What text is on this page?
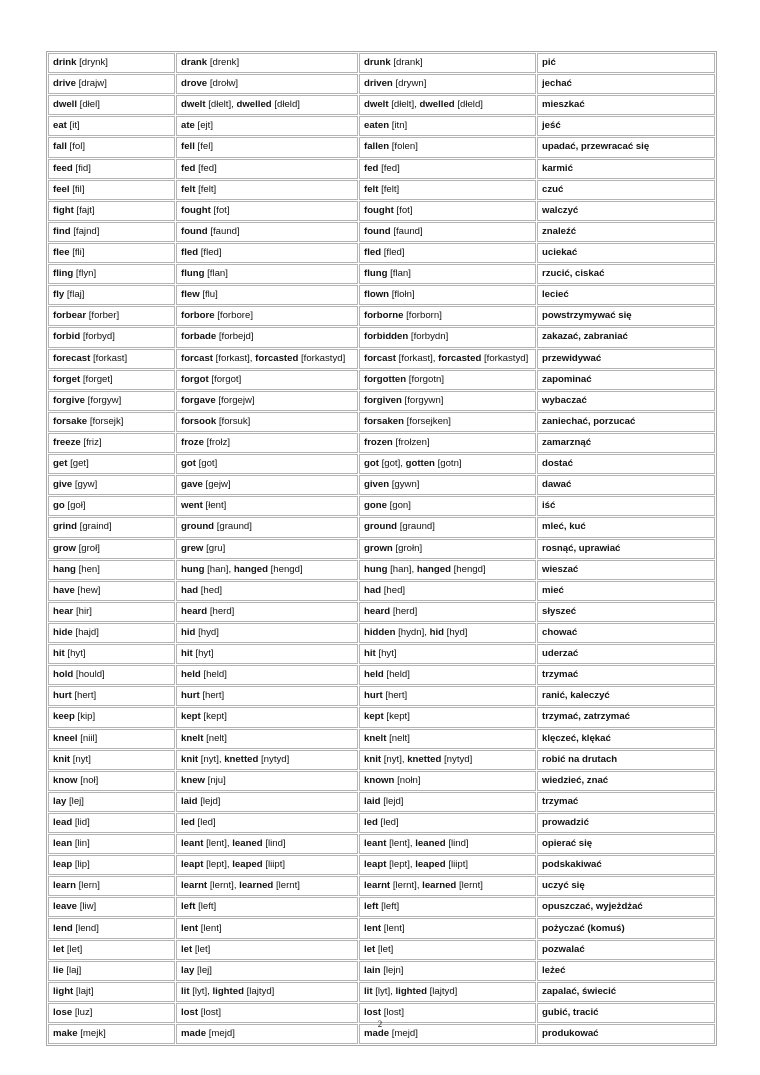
drink [drynk]	drank [drenk]	drunk [drank]	pić
drive [drajw]	drove [drołw]	driven [drywn]	jechać
dwell [dłel]	dwelt [dłelt], dwelled [dłeld]	dwelt [dłelt], dwelled [dłeld]	mieszkać
eat [it]	ate [ejt]	eaten [itn]	jeść
fall [fol]	fell [fel]	fallen [folen]	upadać, przewracać się
feed [fid]	fed [fed]	fed [fed]	karmić
feel [fil]	felt [felt]	felt [felt]	czuć
fight [fajt]	fought [fot]	fought [fot]	walczyć
find [fajnd]	found [faund]	found [faund]	znaleźć
flee [fli]	fled [fled]	fled [fled]	uciekać
fling [flyn]	flung [flan]	flung [flan]	rzucić, ciskać
fly [flaj]	flew [flu]	flown [flołn]	lecieć
forbear [forber]	forbore [forbore]	forborne [forborn]	powstrzymywać się
forbid [forbyd]	forbade [forbejd]	forbidden [forbydn]	zakazać, zabraniać
forecast [forkast]	forcast [forkast], forcasted [forkastyd]	forcast [forkast], forcasted [forkastyd]	przewidywać
forget [forget]	forgot [forgot]	forgotten [forgotn]	zapominać
forgive [forgyw]	forgave [forgejw]	forgiven [forgywn]	wybaczać
forsake [forsejk]	forsook [forsuk]	forsaken [forsejken]	zaniechać, porzucać
freeze [friz]	froze [frołz]	frozen [frołzen]	zamarznąć
get [get]	got [got]	got [got], gotten [gotn]	dostać
give [gyw]	gave [gejw]	given [gywn]	dawać
go [goł]	went [łent]	gone [gon]	iść
grind [graind]	ground [graund]	ground [graund]	mleć, kuć
grow [groł]	grew [gru]	grown [grołn]	rosnąć, uprawiać
hang [hen]	hung [han], hanged [hengd]	hung [han], hanged [hengd]	wieszać
have [hew]	had [hed]	had [hed]	mieć
hear [hir]	heard [herd]	heard [herd]	słyszeć
hide [hajd]	hid [hyd]	hidden [hydn], hid [hyd]	chować
hit [hyt]	hit [hyt]	hit [hyt]	uderzać
hold [hould]	held [held]	held [held]	trzymać
hurt [hert]	hurt [hert]	hurt [hert]	ranić, kaleczyć
keep [kip]	kept [kept]	kept [kept]	trzymać, zatrzymać
kneel [niil]	knelt [nelt]	knelt [nelt]	klęczeć, klękać
knit [nyt]	knit [nyt], knetted [nytyd]	knit [nyt], knetted [nytyd]	robić na drutach
know [noł]	knew [nju]	known [nołn]	wiedzieć, znać
lay [lej]	laid [lejd]	laid [lejd]	trzymać
lead [lid]	led [led]	led [led]	prowadzić
lean [lin]	leant [lent], leaned [lind]	leant [lent], leaned [lind]	opierać się
leap [lip]	leapt [lept], leaped [liipt]	leapt [lept], leaped [liipt]	podskakiwać
learn [lern]	learnt [lernt], learned [lernt]	learnt [lernt], learned [lernt]	uczyć się
leave [liw]	left [left]	left [left]	opuszczać, wyjeżdżać
lend [lend]	lent [lent]	lent [lent]	pożyczać (komuś)
let [let]	let [let]	let [let]	pozwalać
lie [laj]	lay [lej]	lain [lejn]	leżeć
light [lajt]	lit [lyt], lighted [lajtyd]	lit [lyt], lighted [lajtyd]	zapalać, świecić
lose [luz]	lost [lost]	lost [lost]	gubić, tracić
make [mejk]	made [mejd]	made [mejd]	produkować
2
